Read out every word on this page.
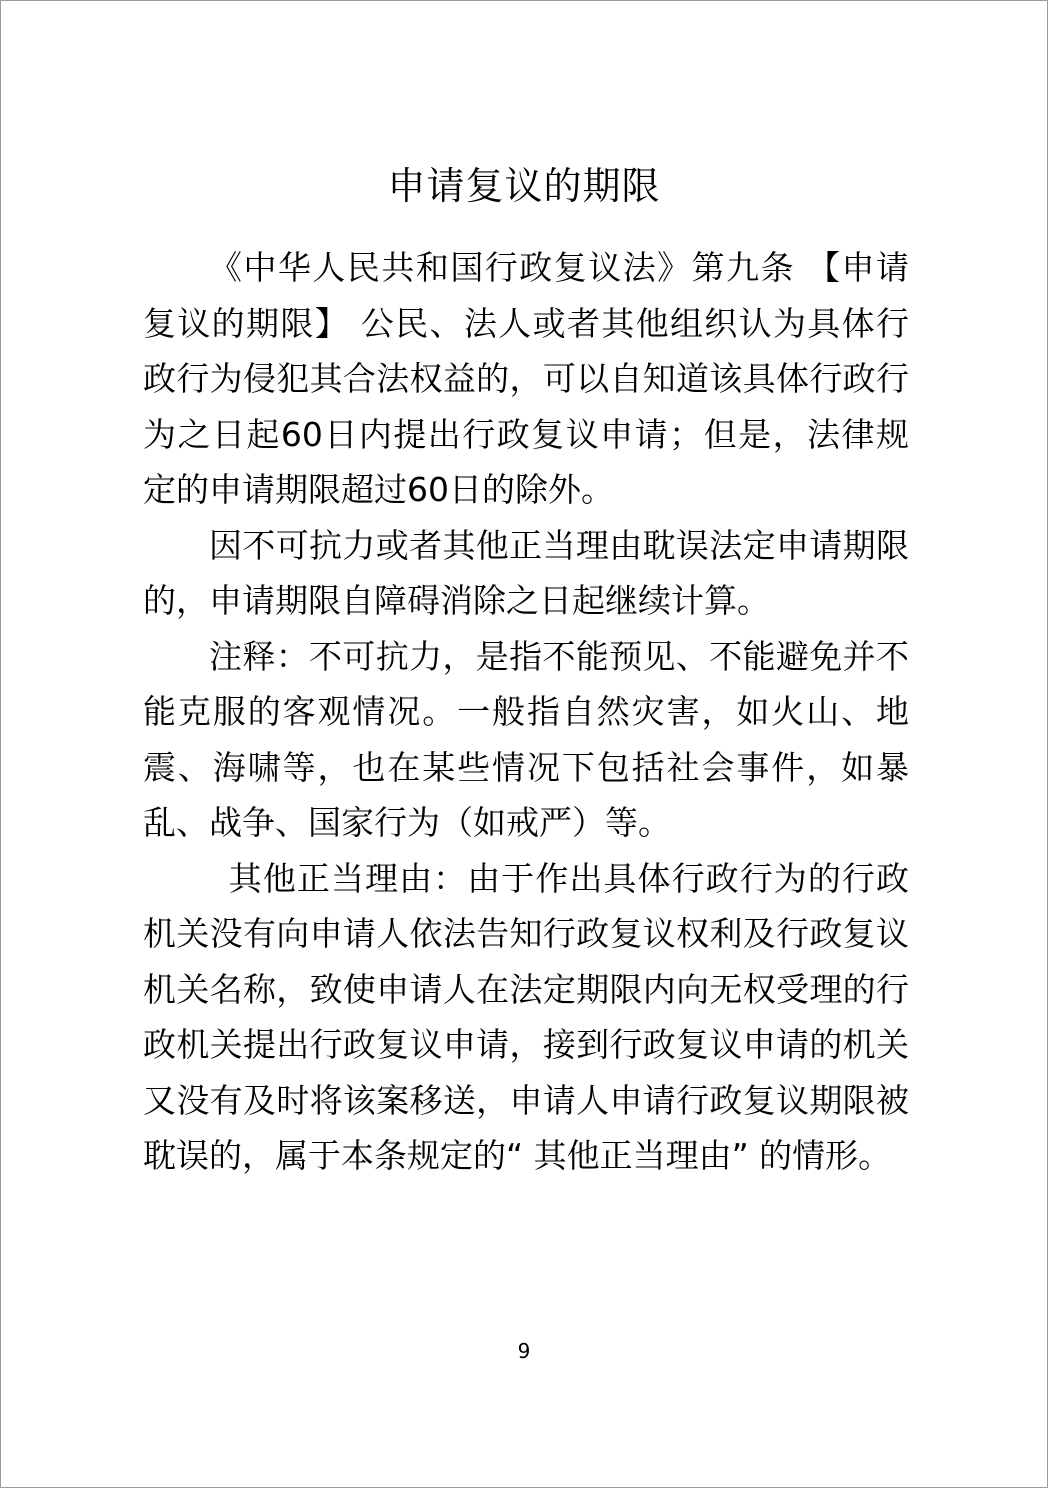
申请复议的期限

《中华人民共和国行政复议法》第九条 【申请复议的期限】 公民、法人或者其他组织认为具体行政行为侵犯其合法权益的，可以自知道该具体行政行为之日起60日内提出行政复议申请；但是，法律规定的申请期限超过60日的除外。

因不可抗力或者其他正当理由耽误法定申请期限的，申请期限自障碍消除之日起继续计算。

注释：不可抗力，是指不能预见、不能避免并不能克服的客观情况。一般指自然灾害，如火山、地震、海啸等，也在某些情况下包括社会事件，如暴乱、战争、国家行为（如戒严）等。

其他正当理由：由于作出具体行政行为的行政机关没有向申请人依法告知行政复议权利及行政复议机关名称，致使申请人在法定期限内向无权受理的行政机关提出行政复议申请，接到行政复议申请的机关又没有及时将该案移送，申请人申请行政复议期限被耽误的，属于本条规定的“ 其他正当理由” 的情形。

9
